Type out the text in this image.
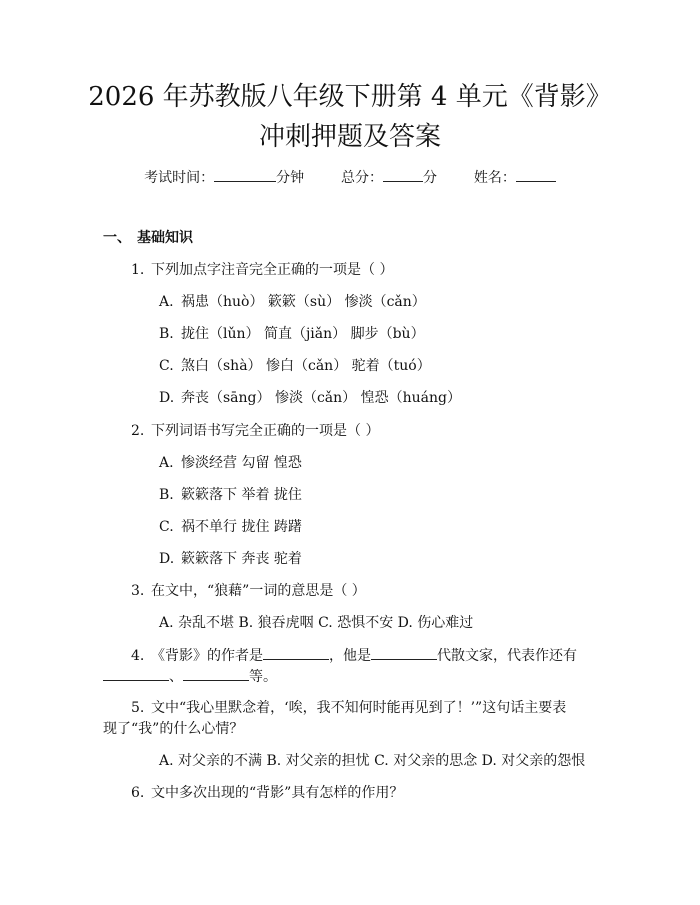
2026 年苏教版八年级下册第 4 单元《背影》
冲刺押题及答案
考试时间：	分钟	总分：	分	姓名：
一、 基础知识
1. 下列加点字注音完全正确的一项是（ ）
A. 祸患（huò） 簌簌（sù） 惨淡（cǎn）
B. 拢住（lǔn） 简直（jiǎn） 脚步（bù）
C. 煞白（shà） 惨白（cǎn） 驼着（tuó）
D. 奔丧（sāng） 惨淡（cǎn） 惶恐（huáng）
2. 下列词语书写完全正确的一项是（ ）
A. 惨淡经营 勾留 惶恐
B. 簌簌落下 举着 拢住
C. 祸不单行 拢住 踌躇
D. 簌簌落下 奔丧 驼着
3. 在文中，“狼藉”一词的意思是（ ）
A. 杂乱不堪 B. 狼吞虎咽 C. 恐惧不安 D. 伤心难过
4. 《背影》的作者是	，他是	代散文家，代表作还有
、	等。
5. 文中“我心里默念着，‘唉，我不知何时能再见到了！’”这句话主要表
现了“我”的什么心情？
A. 对父亲的不满 B. 对父亲的担忧 C. 对父亲的思念 D. 对父亲的怨恨
6. 文中多次出现的“背影”具有怎样的作用？
